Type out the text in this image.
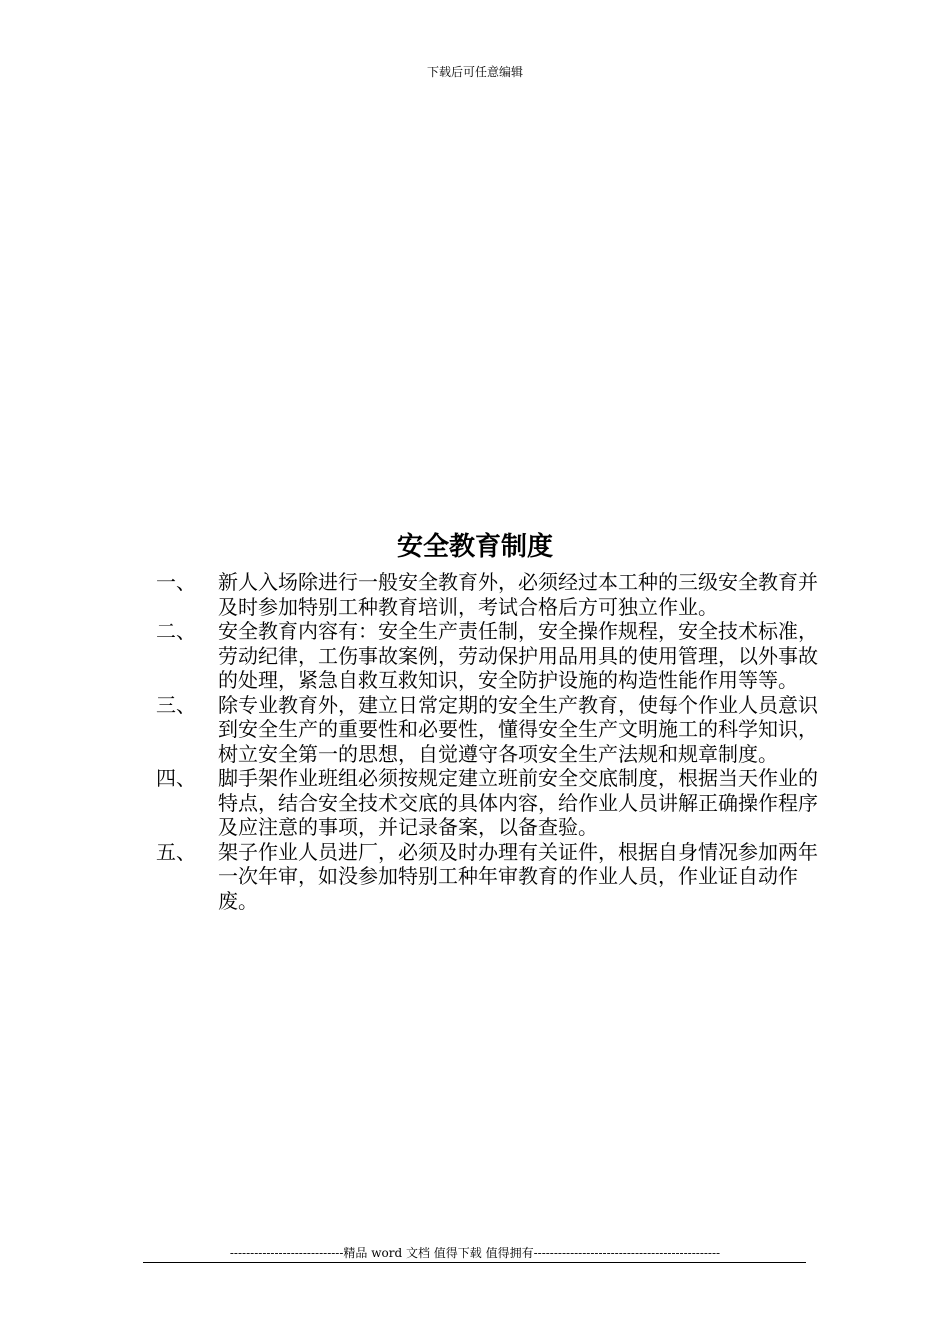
下载后可任意编辑
安全教育制度
一、 新人入场除进行一般安全教育外，必须经过本工种的三级安全教育并及时参加特别工种教育培训，考试合格后方可独立作业。
二、 安全教育内容有：安全生产责任制，安全操作规程，安全技术标准，劳动纪律，工伤事故案例，劳动保护用品用具的使用管理，以外事故的处理，紧急自救互救知识，安全防护设施的构造性能作用等等。
三、 除专业教育外，建立日常定期的安全生产教育，使每个作业人员意识到安全生产的重要性和必要性，懂得安全生产文明施工的科学知识，树立安全第一的思想，自觉遵守各项安全生产法规和规章制度。
四、 脚手架作业班组必须按规定建立班前安全交底制度，根据当天作业的特点，结合安全技术交底的具体内容，给作业人员讲解正确操作程序及应注意的事项，并记录备案，以备查验。
五、 架子作业人员进厂，必须及时办理有关证件，根据自身情况参加两年一次年审，如没参加特别工种年审教育的作业人员，作业证自动作废。
----------------------------精品 word 文档 值得下载 值得拥有----------------------------------------------
